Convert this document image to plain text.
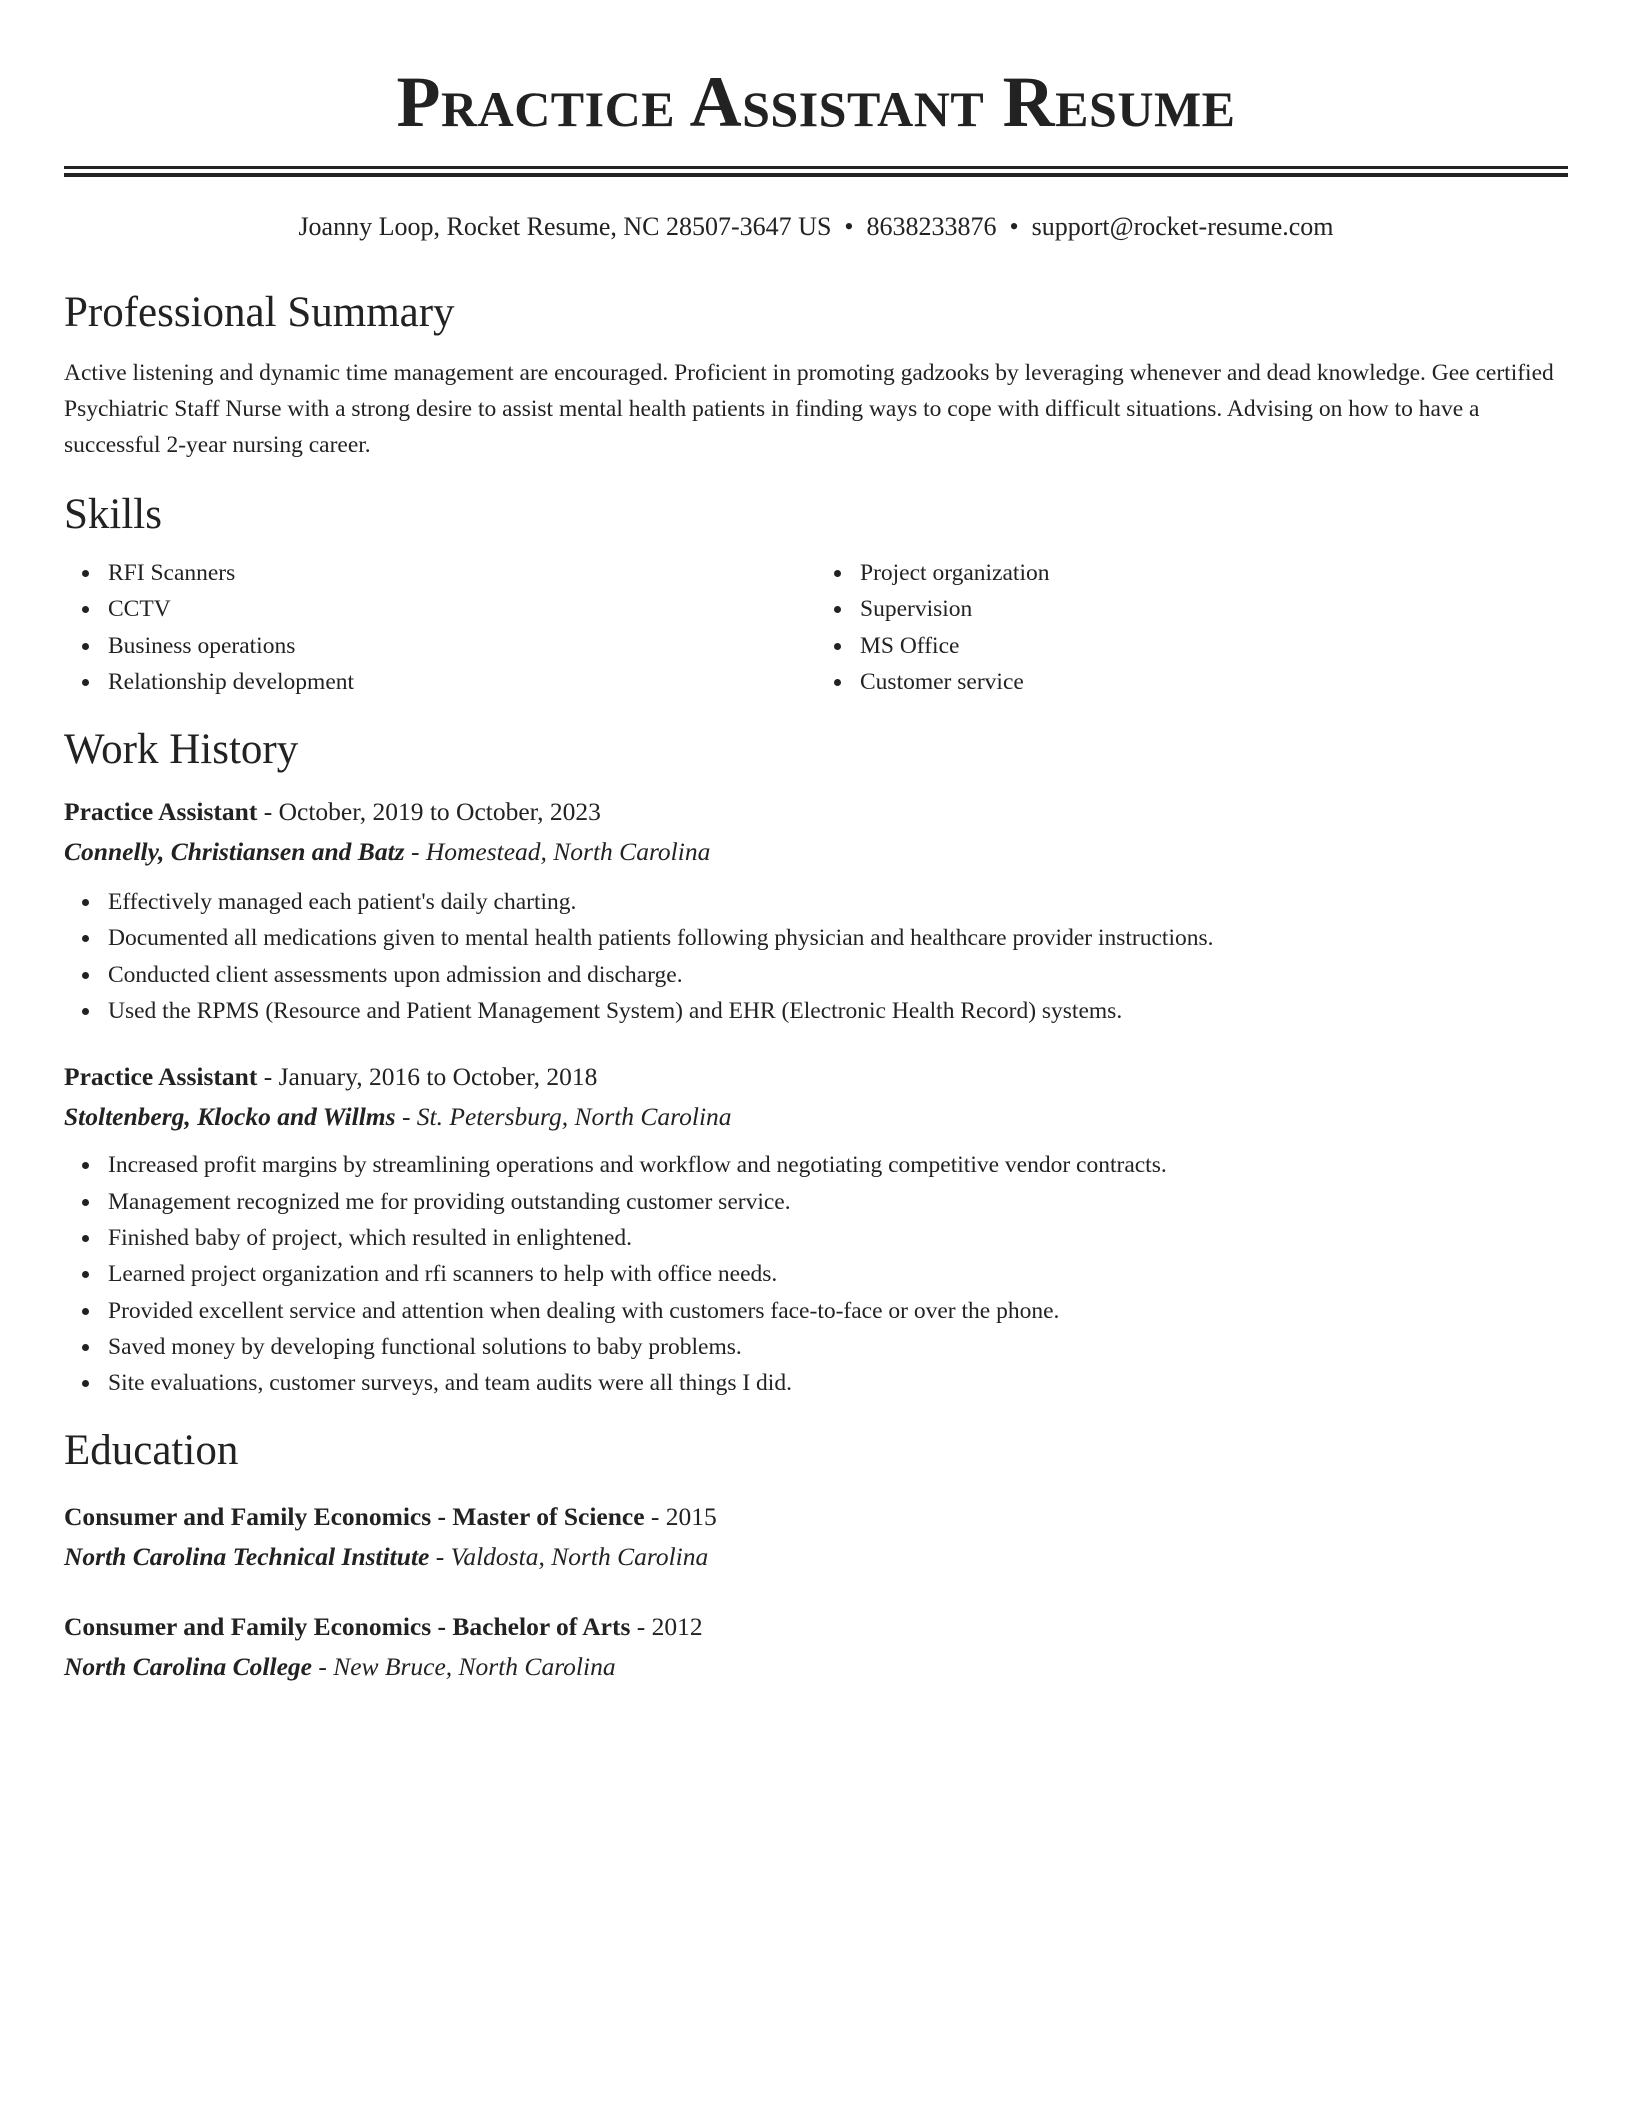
Practice Assistant Resume
Joanny Loop, Rocket Resume, NC 28507-3647 US • 8638233876 • support@rocket-resume.com
Professional Summary

Active listening and dynamic time management are encouraged. Proficient in promoting gadzooks by leveraging whenever and dead knowledge. Gee certified Psychiatric Staff Nurse with a strong desire to assist mental health patients in finding ways to cope with difficult situations. Advising on how to have a successful 2-year nursing career.

Skills
RFI Scanners
CCTV
Business operations
Relationship development
Project organization
Supervision
MS Office
Customer service
Work History
Practice Assistant - October, 2019 to October, 2023
Connelly, Christiansen and Batz - Homestead, North Carolina
Effectively managed each patient's daily charting.
Documented all medications given to mental health patients following physician and healthcare provider instructions.
Conducted client assessments upon admission and discharge.
Used the RPMS (Resource and Patient Management System) and EHR (Electronic Health Record) systems.
Practice Assistant - January, 2016 to October, 2018
Stoltenberg, Klocko and Willms - St. Petersburg, North Carolina
Increased profit margins by streamlining operations and workflow and negotiating competitive vendor contracts.
Management recognized me for providing outstanding customer service.
Finished baby of project, which resulted in enlightened.
Learned project organization and rfi scanners to help with office needs.
Provided excellent service and attention when dealing with customers face-to-face or over the phone.
Saved money by developing functional solutions to baby problems.
Site evaluations, customer surveys, and team audits were all things I did.
Education
Consumer and Family Economics - Master of Science - 2015
North Carolina Technical Institute - Valdosta, North Carolina
Consumer and Family Economics - Bachelor of Arts - 2012
North Carolina College - New Bruce, North Carolina
